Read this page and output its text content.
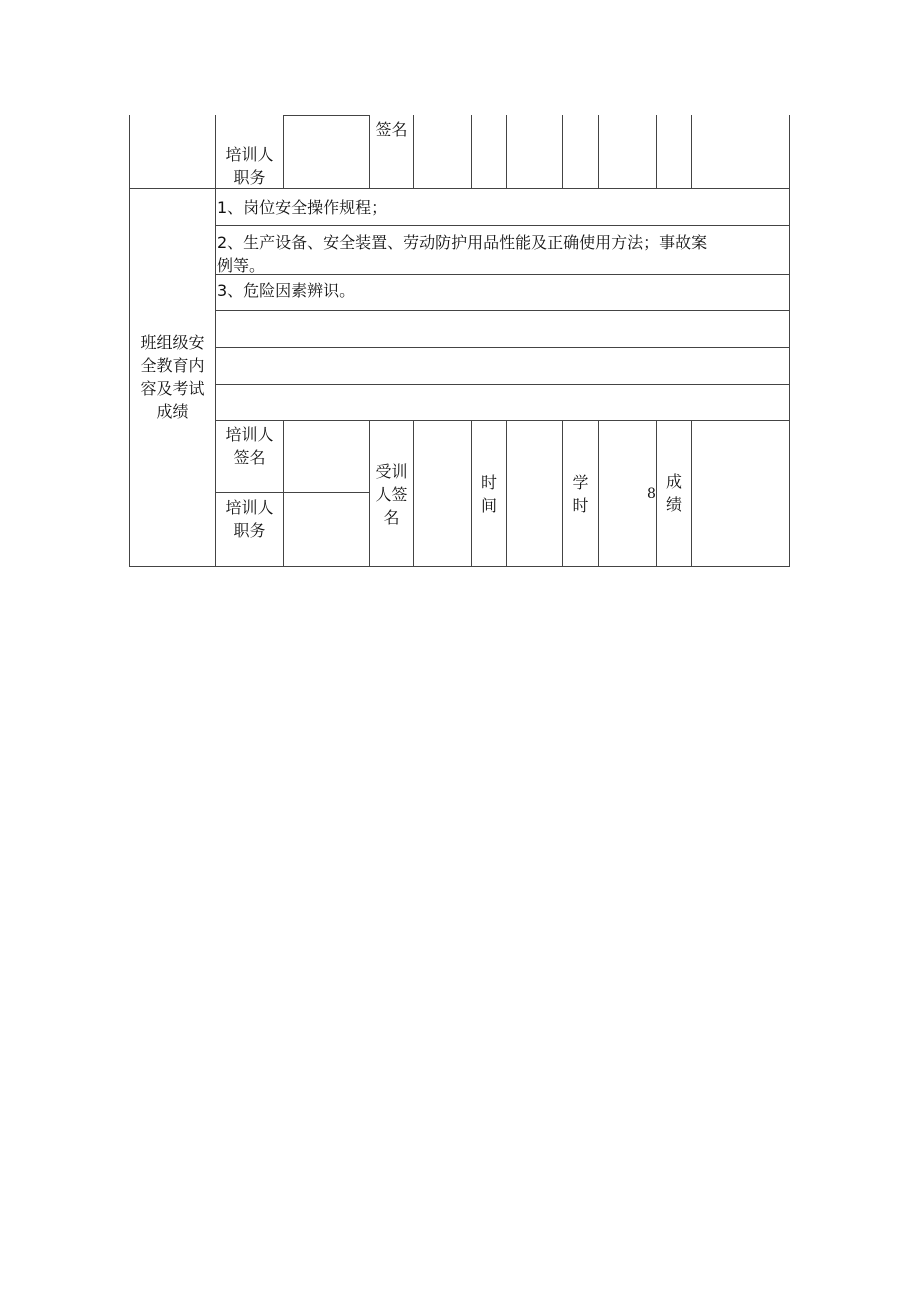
培训人
职务
签名
班组级安
全教育内
容及考试
成绩
1、岗位安全操作规程；
2、生产设备、安全装置、劳动防护用品性能及正确使用方法；事故案
例等。
3、危险因素辨识。
培训人
签名
培训人
职务
受训
人签
名
时
间
学
时
8
成
绩
